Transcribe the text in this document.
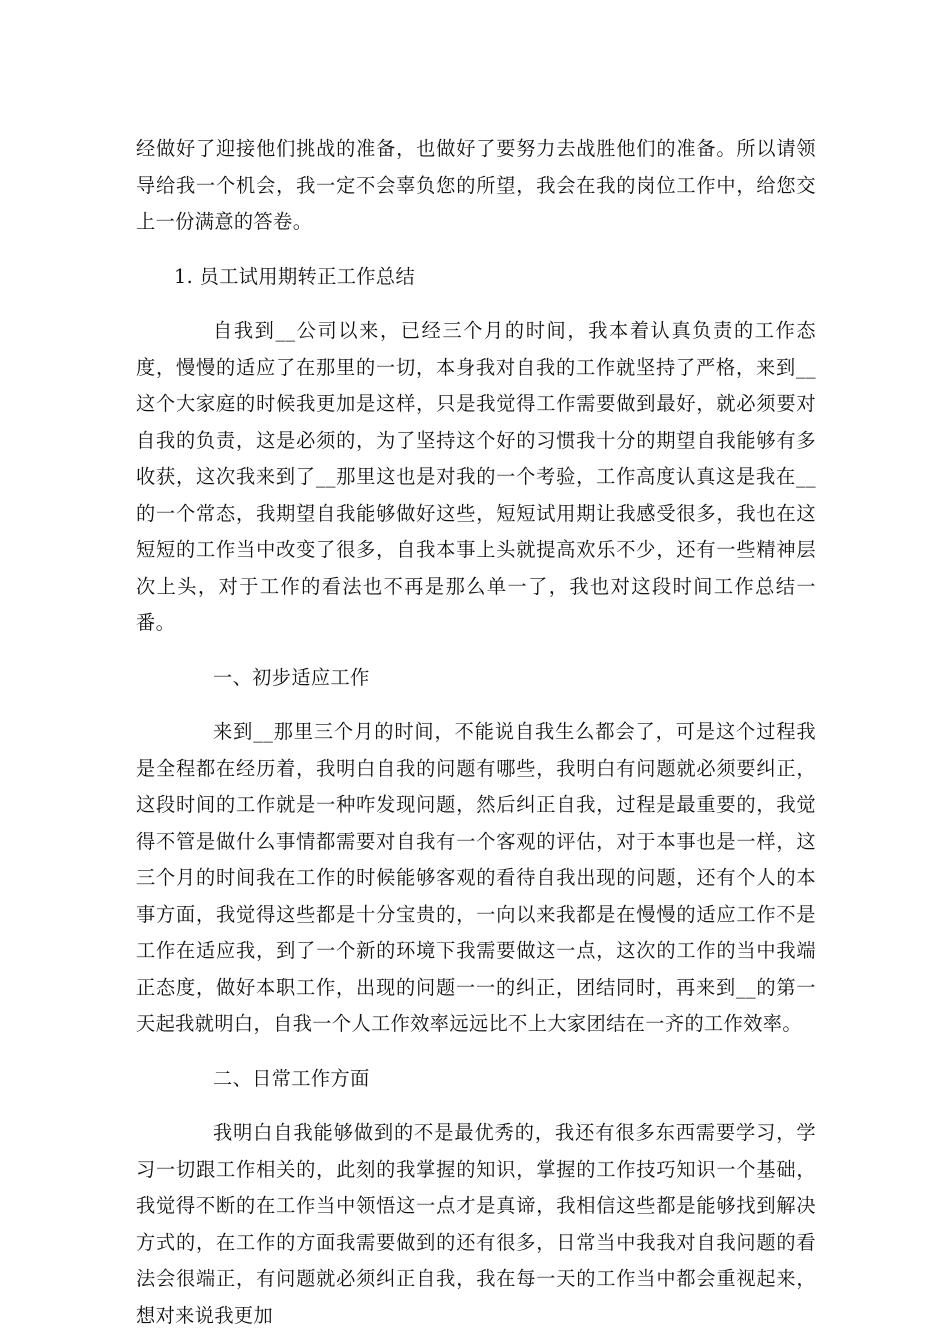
经做好了迎接他们挑战的准备，也做好了要努力去战胜他们的准备。所以请领导给我一个机会，我一定不会辜负您的所望，我会在我的岗位工作中，给您交上一份满意的答卷。

1. 员工试用期转正工作总结

自我到__公司以来，已经三个月的时间，我本着认真负责的工作态度，慢慢的适应了在那里的一切，本身我对自我的工作就坚持了严格，来到__这个大家庭的时候我更加是这样，只是我觉得工作需要做到最好，就必须要对自我的负责，这是必须的，为了坚持这个好的习惯我十分的期望自我能够有多收获，这次我来到了__那里这也是对我的一个考验，工作高度认真这是我在__的一个常态，我期望自我能够做好这些，短短试用期让我感受很多，我也在这短短的工作当中改变了很多，自我本事上头就提高欢乐不少，还有一些精神层次上头，对于工作的看法也不再是那么单一了，我也对这段时间工作总结一番。

一、初步适应工作

来到__那里三个月的时间，不能说自我生么都会了，可是这个过程我是全程都在经历着，我明白自我的问题有哪些，我明白有问题就必须要纠正，这段时间的工作就是一种咋发现问题，然后纠正自我，过程是最重要的，我觉得不管是做什么事情都需要对自我有一个客观的评估，对于本事也是一样，这三个月的时间我在工作的时候能够客观的看待自我出现的问题，还有个人的本事方面，我觉得这些都是十分宝贵的，一向以来我都是在慢慢的适应工作不是工作在适应我，到了一个新的环境下我需要做这一点，这次的工作的当中我端正态度，做好本职工作，出现的问题一一的纠正，团结同时，再来到__的第一天起我就明白，自我一个人工作效率远远比不上大家团结在一齐的工作效率。

二、日常工作方面

我明白自我能够做到的不是最优秀的，我还有很多东西需要学习，学习一切跟工作相关的，此刻的我掌握的知识，掌握的工作技巧知识一个基础，我觉得不断的在工作当中领悟这一点才是真谛，我相信这些都是能够找到解决方式的，在工作的方面我需要做到的还有很多，日常当中我我对自我问题的看法会很端正，有问题就必须纠正自我，我在每一天的工作当中都会重视起来，想对来说我更加
